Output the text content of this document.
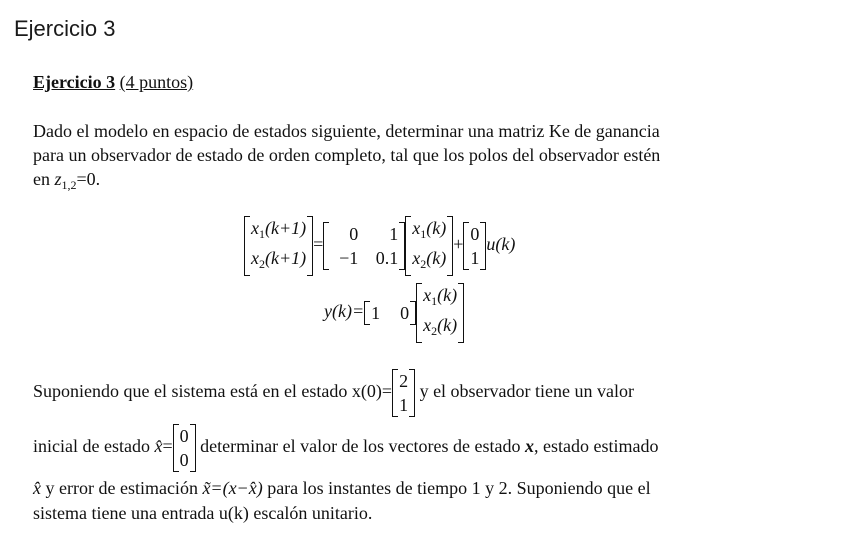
Ejercicio 3
Ejercicio 3 (4 puntos)
Dado el modelo en espacio de estados siguiente, determinar una matriz Ke de ganancia
para un observador de estado de orden completo, tal que los polos del observador estén
en $z_{1,2}=0$.
$x_1(k+1)$
$x_2(k+1)$
=
0 1
−1 0.1
$x_1(k)$
$x_2(k)$
+
0
1
u(k)
y(k)= 1 0
$x_1(k)$
$x_2(k)$
Suponiendo que el sistema está en el estado x(0)=
2
1
y el observador tiene un valor
inicial de estado x̂=
0
0
determinar el valor de los vectores de estado x, estado estimado
x̂ y error de estimación x̃=(x−x̂) para los instantes de tiempo 1 y 2. Suponiendo que el
sistema tiene una entrada u(k) escalón unitario.
